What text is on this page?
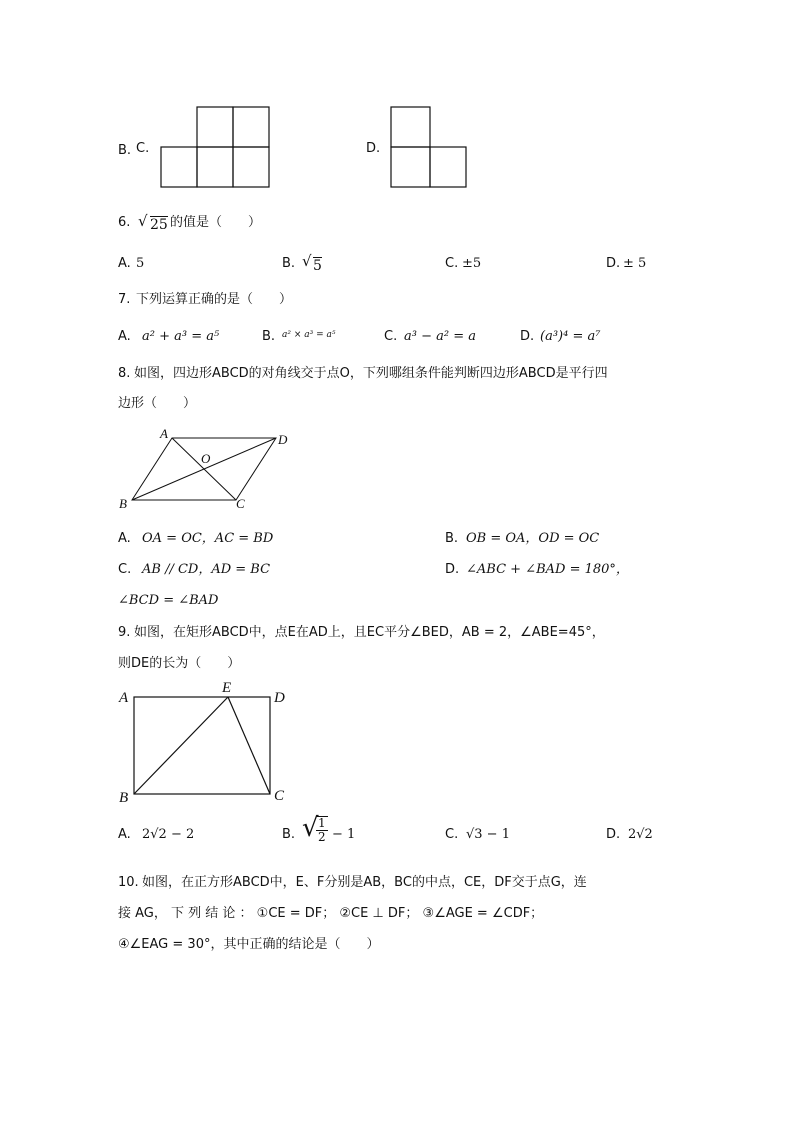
B. C.	D.
6. √ 25 的值是（　　）
A. 5	B. √ 5	C. ±5	D. ± 5
7. 下列运算正确的是（　　）
A. a² + a³ = a⁵	B. a² × a³ = a⁵	C. a³ − a² = a	D. (a³)⁴ = a⁷
8. 如图，四边形ABCD的对角线交于点O，下列哪组条件能判断四边形ABCD是平行四
边形（　　）
A	D
O
B	C
A. OA = OC，AC = BD	B. OB = OA，OD = OC
C. AB // CD，AD = BC	D. ∠ABC + ∠BAD = 180°，
∠BCD = ∠BAD
9. 如图，在矩形ABCD中，点E在AD上，且EC平分∠BED，AB = 2，∠ABE=45°，
则DE的长为（　　）
A
E
D
B	C
A. 2√2 − 2	B. √
$\frac{1}{2} - 1$	C. √3 − 1	D. 2√2
10. 如图，在正方形ABCD中，E、F分别是AB，BC的中点，CE，DF交于点G，连
接 AG， 下 列 结 论 ： ①CE = DF； ②CE ⊥ DF； ③∠AGE = ∠CDF；
④∠EAG = 30°，其中正确的结论是（　　）
